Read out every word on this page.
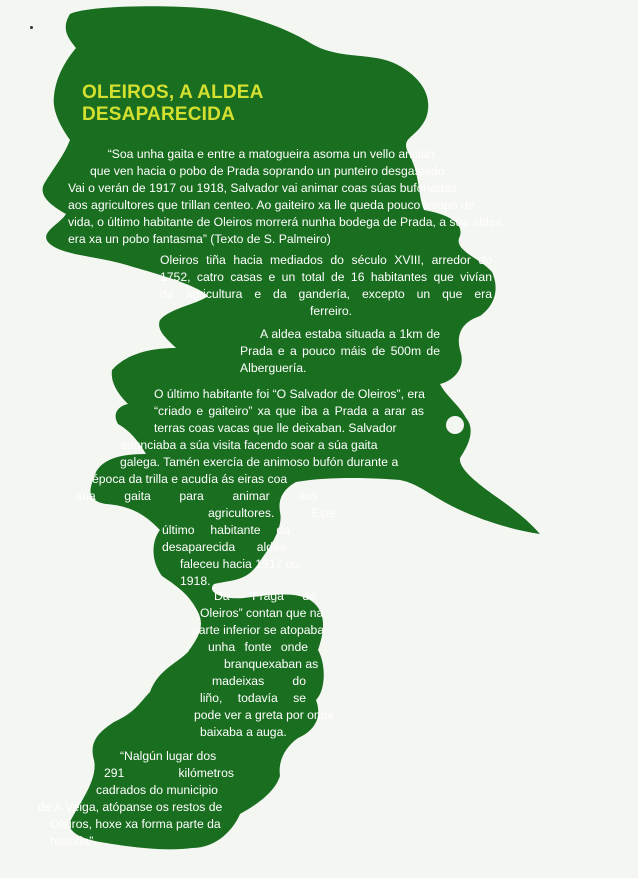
OLEIROS, A ALDEA
DESAPARECIDA
“Soa unha gaita e entre a matogueira asoma un vello ancián
que ven hacia o pobo de Prada soprando un punteiro desgastado.
Vai o verán de 1917 ou 1918, Salvador vai animar coas súas bufonadas
aos agricultores que trillan centeo. Ao gaiteiro xa lle queda pouco tempo de
vida, o último habitante de Oleiros morrerá nunha bodega de Prada, a súa aldea
era xa un pobo fantasma” (Texto de S. Palmeiro)
Oleiros tiña hacia mediados do século XVIII, arredor do
1752, catro casas e un total de 16 habitantes que vivían
da agricultura e da gandería, excepto un que era
ferreiro.
A aldea estaba situada a 1km de
Prada e a pouco máis de 500m de
Alberguería.
O último habitante foi “O Salvador de Oleiros”, era
“criado e gaiteiro” xa que iba a Prada a arar as
terras coas vacas que lle deixaban. Salvador
anunciaba a súa visita facendo soar a súa gaita
galega. Tamén exercía de animoso bufón durante a
época da trilla e acudía ás eiras coa
súa gaita para animar aos
agricultores. Este
último habitante da
desaparecida aldea,
faleceu hacia 1917 ou
1918.
Da “Fraga de
Oleiros” contan que na
parte inferior se atopaba
unha fonte onde
branquexaban as
madeixas do
liño, todavía se
pode ver a greta por onde
baixaba a auga.
“Nalgún lugar dos
291 kilómetros
cadrados do municipio
de A Veiga, atópanse os restos de
Oleiros, hoxe xa forma parte da
historia”.
